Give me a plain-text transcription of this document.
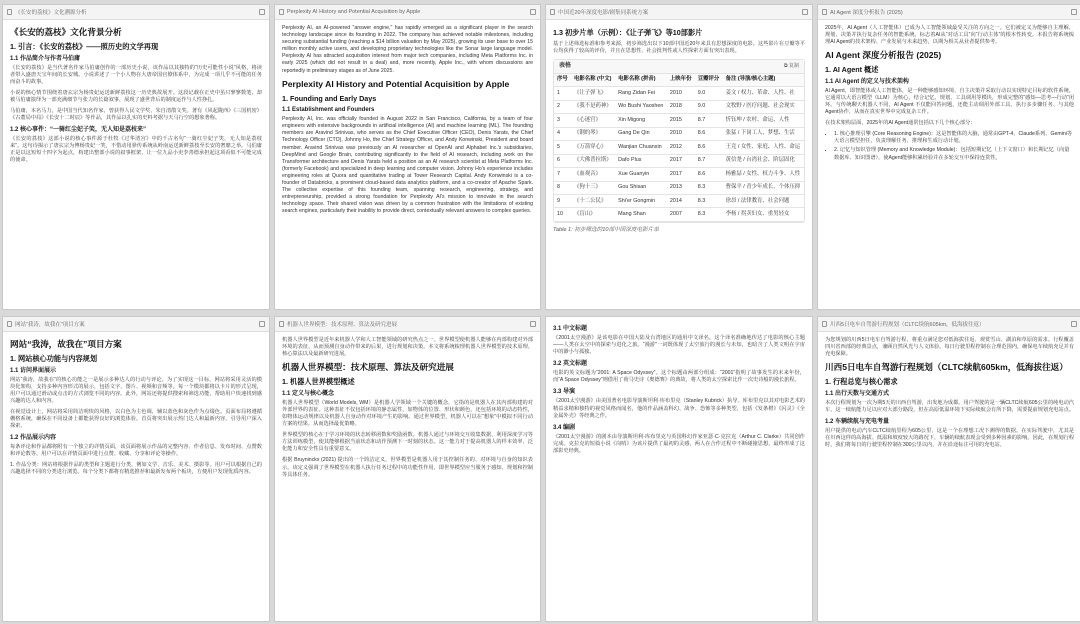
《长安的荔枝》文化溯源分析
《长安的荔枝》文化背景分析
1. 引言：《长安的荔枝》——照历史的文学再现
1.1 作品简介与作者马伯庸

《长安的荔枝》是当代著名作家马伯庸创作的一部历史小说，该作品以其独特的“历史可能性小说”风格，将读者带入盛唐天宝年间的长安城。小说讲述了一个小人物在大唐帝国官僚体系中，为完成一项几乎不可能的任务而奋斗的故事。

小说的核心情节围绕着唐玄宗为杨贵妃运送新鲜荔枝这一历史典故展开。这段记载在正史中虽只寥寥数笔，却被马伯庸演绎为一部充满细节与张力的长篇叙事，展现了盛世背后的制度运作与人性挣扎。

马伯庸，本名马力，是中国当代知名作家，曾获得人民文学奖、朱自清散文奖。著有《风起陇西》《三国机密》《古董局中局》《长安十二时辰》等作品，其作品以扎实的史料考据与天马行空的想象著称。

1.2 核心事件：“一骑红尘妃子笑，无人知是荔枝来”

《长安的荔枝》这部小说的核心事件源于杜牧《过华清宫》中的千古名句“一骑红尘妃子笑，无人知是荔枝来”。这句诗揭示了唐玄宗为博杨贵妃一笑，不惜动用驿传系统从岭南运送新鲜荔枝至长安的奢靡之举。马伯庸正是以这短短十四字为起点，构建出整部小说的叙事框架，让一位九品小吏李善德承担起这项看似不可能完成的使命。

Perplexity AI History and Potential Acquisition by Apple

Perplexity AI, an AI-powered "answer engine," has rapidly emerged as a significant player in the search technology landscape since its founding in 2022. The company has achieved notable milestones, including securing substantial funding (reaching a $14 billion valuation by May 2025), growing its user base to over 15 million monthly active users, and developing proprietary technologies like the Sonar large language model. Perplexity AI has attracted acquisition interest from major tech companies, including Meta Platforms Inc. in early 2025 (which did not result in a deal) and, more recently, Apple Inc., with whom discussions are reportedly in preliminary stages as of June 2025.

Perplexity AI History and Potential Acquisition by Apple
1. Founding and Early Days
1.1 Establishment and Founders

Perplexity AI, Inc. was officially founded in August 2022 in San Francisco, California, by a team of four engineers with extensive backgrounds in artificial intelligence (AI) and machine learning (ML). The founding members are Aravind Srinivas, who serves as the Chief Executive Officer (CEO), Denis Yarats, the Chief Technology Officer (CTO), Johnny Ho, the Chief Strategy Officer, and Andy Konwinski, President and board member. Aravind Srinivas was previously an AI researcher at OpenAI and Alphabet Inc.'s subsidiaries, DeepMind and Google Brain, contributing significantly to the field of AI research, including work on the Transformer architecture and Denis Yarats held a position as an AI research scientist at Meta Platforms Inc. (formerly Facebook) and specialized in deep learning and computer vision. Johnny Ho's experience includes engineering roles at Quora and quantitative trading at Tower Research Capital. Andy Konwinski is a co-founder of Databricks, a prominent cloud-based data analytics platform, and a co-creator of Apache Spark. The collective expertise of this founding team, spanning research, engineering, strategy, and entrepreneurship, provided a strong foundation for Perplexity AI's mission to innovate in the search technology space. Their shared vision was driven by a common frustration with the limitations of existing search engines, particularly their inability to provide direct, contextually relevant answers to complex queries.

中国近20年深度电影/剧集同系统方案
1.3 初步片单（示例）：《让子弹飞》等10部影片

基于上述筛选标准和参考来源，初步筛选出以下10部中国近20年来具有思想深度的电影。这些影片在豆瓣等平台均获得了较高的评价，并且在思想性、社会批判性或人性探索方面有突出表现。

表格	⧉ 复制
序号	电影名称 (中文)	电影名称 (拼音)	上映年份	豆瓣评分	备注 (导演/核心主题)
1	《让子弹飞》	Rang Zidan Fei	2010	9.0	姜文 / 权力、革命、人性、社
2	《我不是药神》	Wo Bushi Yaoshen	2018	9.0	文牧野 / 医疗问题、社会现实
3	《心迷宫》	Xin Migong	2015	8.7	忻钰坤 / 农村、命运、人性
4	《钢的琴》	Gang De Qin	2010	8.6	张猛 / 下岗工人、梦想、生活
5	《万箭穿心》	Wanjian Chuanxin	2012	8.6	王竞 / 女性、家庭、人性、命运
6	《大佛普拉斯》	Dafo Plus	2017	8.7	黄信尧 / 台湾社会、阶层固化
7	《血观音》	Xue Guanyin	2017	8.6	杨雅喆 / 女性、权力斗争、人性
8	《狗十三》	Gou Shisan	2013	8.3	曹保平 / 青少年成长、个体压抑
9	《十二公民》	Shi'er Gongmin	2014	8.3	徐昂 / 法律教育、社会问题
10	《盲山》	Mang Shan	2007	8.3	李杨 / 拐卖妇女、重男轻女
Table 1: 初步筛选的10部中国深度电影片单
AI Agent 深度分析报告 (2025)

2025年，AI Agent（人工智能体）已成为人工智能领域最受关注的方向之一。它们被定义为能够自主理解、规划、决策并执行复杂任务的智能系统，标志着AI从“对话工具”向“行动主体”的根本性转变。本报告将系统梳理AI Agent的技术架构、产业发展与未来趋势，以期为相关从业者提供参考。

AI Agent 深度分析报告 (2025)
1. AI Agent 概述
1.1 AI Agent 的定义与技术架构

AI Agent，即智能体或人工智能体，是一种能够感知环境、自主决策并采取行动以实现特定目标的软件系统。它通常以大语言模型（LLM）为核心，结合记忆、规划、工具调用等模块，形成完整的“感知—思考—行动”闭环。与传统聊天机器人不同，AI Agent 不仅能回答问题，还能主动调用外部工具、执行多步骤任务、与其他Agent协作，从而在真实世界中完成复杂工作。

在技术架构层面，2025年的AI Agent通常包括以下几个核心部分：

• 1. 核心推理引擎 (Core Reasoning Engine)：这是智能体的大脑，通常由GPT-4、Claude系列、Gemini等大语言模型担任，负责理解任务、推理和生成行动计划。
• 2. 记忆与知识管理 (Memory and Knowledge Module)：包括短期记忆（上下文窗口）和长期记忆（向量数据库、知识图谱），使Agent能够积累经验并在多轮交互中保持连贯性。
网站“我涛，故我在”项目方案
网站“我涛，故我在”项目方案
1. 网站核心功能与内容规划
1.1 访问界面展示

网站“我涛，故我在”的核心功能之一是展示多种达人的行动与评论。为了实现这一目标，网站将采用灵活的模块化架构，支持多种内容形式的展示，包括文字、图片、视频和音频等。每一个模块都将以卡片的形式呈现，用户可以通过滑动或点击的方式浏览不同的内容。此外，网站还将提供搜索和筛选功能，帮助用户快速找到感兴趣的达人和内容。

在视觉设计上，网站将采用简洁明快的风格，以白色为主色调，辅以蓝色和灰色作为点缀色。页面布局将遵循栅格系统，确保在不同设备上都能获得良好的浏览体验。首页将突出展示热门达人和最新内容，引导用户深入探索。

1.2 作品展示内容

每条评论和作品都将附有一个独立的详情页面，该页面将展示作品的完整内容、作者信息、发布时间、点赞数和评论数等。用户可以在详情页面中进行点赞、收藏、分享和评论等操作。

1. 作品分类：网站将根据作品的类型和主题进行分类，例如文学、音乐、美术、摄影等。用户可以根据自己的兴趣选择不同的分类进行浏览。每个分类下都将有精选推荐和最新发布两个板块，方便用户发现优质内容。

机器人世界模型：技术原理、算法及研究进展

机器人世界模型是近年来机器人学和人工智能领域的研究热点之一。世界模型使机器人能够在内部构建对外部环境的表征，从而预测自身动作带来的后果，进行规划和决策。本文将系统梳理机器人世界模型的技术原理、核心算法以及最新研究进展。

机器人世界模型：技术原理、算法及研究进展
1. 机器人世界模型概述
1.1 定义与核心概念

机器人世界模型（World Models, WM）是机器人学领域一个关键的概念，它指的是机器人在其内部构建的对外部世界的表征。这种表征不仅包括环境的静态属性，如物体的位置、形状和颜色，还包括环境的动态特性，如物体运动规律以及机器人自身动作对环境产生的影响。通过世界模型，机器人可以在“想象”中模拟不同行动方案的结果，从而选择最优策略。

世界模型的核心在于学习环境的状态转移函数和奖励函数。机器人通过与环境交互收集数据，利用深度学习等方法训练模型，使其能够根据当前状态和动作预测下一时刻的状态。这一能力对于提高机器人的样本效率、泛化能力和安全性具有重要意义。

根据 Bruyninckx (2021) 提出的一个简洁定义，世界模型是机器人用于其控制任务的、对环境与自身的知识表示。该定义强调了世界模型在机器人执行任务过程中的功能性作用，即世界模型应当服务于感知、规划和控制等具体任务。

3.1 中文标题

《2001太空漫游》是该电影在中国大陆及台湾地区的通用中文译名。这个译名准确地传达了电影的核心主题——人类在太空中的探索与进化之旅。“漫游”一词既体现了太空旅行的漫长与未知，也暗含了人类文明在宇宙中的渺小与孤独。

3.2 英文标题

电影的英文标题为“2001: A Space Odyssey”。这个标题由两部分组成：“2001”指明了故事发生的未来年份，而“A Space Odyssey”则借用了荷马史诗《奥德赛》的典故，将人类的太空探索比作一次史诗般的漫长旅程。

3.3 导演

《2001太空漫游》由美国著名电影导演斯坦利·库布里克（Stanley Kubrick）执导。库布里克以其对电影艺术的精益求精和独特的视觉风格而闻名，他的作品涵盖科幻、战争、恐怖等多种类型，包括《发条橙》《闪灵》《全金属外壳》等经典之作。

3.4 编剧

《2001太空漫游》的剧本由导演斯坦利·库布里克与英国科幻作家亚瑟·C·克拉克（Arthur C. Clarke）共同创作完成。克拉克的短篇小说《岗哨》为该片提供了最初的灵感，两人在合作过程中不断碰撞思想，最终形成了这部影史经典。

川西5日电车自驾游行程规划（CLTC续航605km，低海拔往返）

为您规划的川西5日电车自驾游行程，将重点满足您对低海拔往返、观赏雪山、湖泊和草原的需求。行程覆盖四川省西部的经典景点，兼顾自然风光与人文体验。每日行驶里程控制在合理范围内，确保电车续航充足并有充电保障。

川西5日电车自驾游行程规划（CLTC续航605km，低海拔往返）
1. 行程总览与核心需求
1.1 出行天数与交通方式

本次行程规划为一次为期5天的川西自驾游，出发地为成都。用户驾驶的是一辆CLTC续航605公里的纯电动汽车，这一续航能力足以应对大部分路段，但在高原低温环境下实际续航会有所下降，需要提前规划充电站点。

1.2 车辆续航与充电考量

用户提供的电动汽车CLTC续航里程为605公里，这是一个在理想工况下测得的数据。在实际驾驶中，尤其是在川西这样的高海拔、低温和坡度较大的路况下，车辆的续航表现会受到多种因素的影响。因此，在规划行程时，我们将每日的行驶里程控制在300公里以内，并在沿途标注可用的充电站。
